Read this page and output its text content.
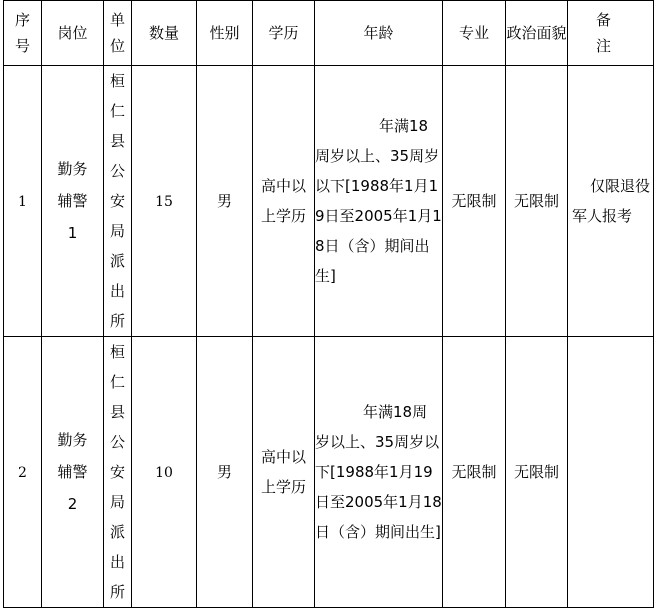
序号	岗位	单位	数量	性别	学历	年龄	专业	政治面貌	备注

1	勤务辅警1	桓仁县公安局派出所	15	男	高中以上学历	年满18周岁以上、35周岁以下[1988年1月19日至2005年1月18日（含）期间出生]	无限制	无限制	仅限退役军人报考

2	勤务辅警2	桓仁县公安局派出所	10	男	高中以上学历	年满18周岁以上、35周岁以下[1988年1月19日至2005年1月18日（含）期间出生]	无限制	无限制	
